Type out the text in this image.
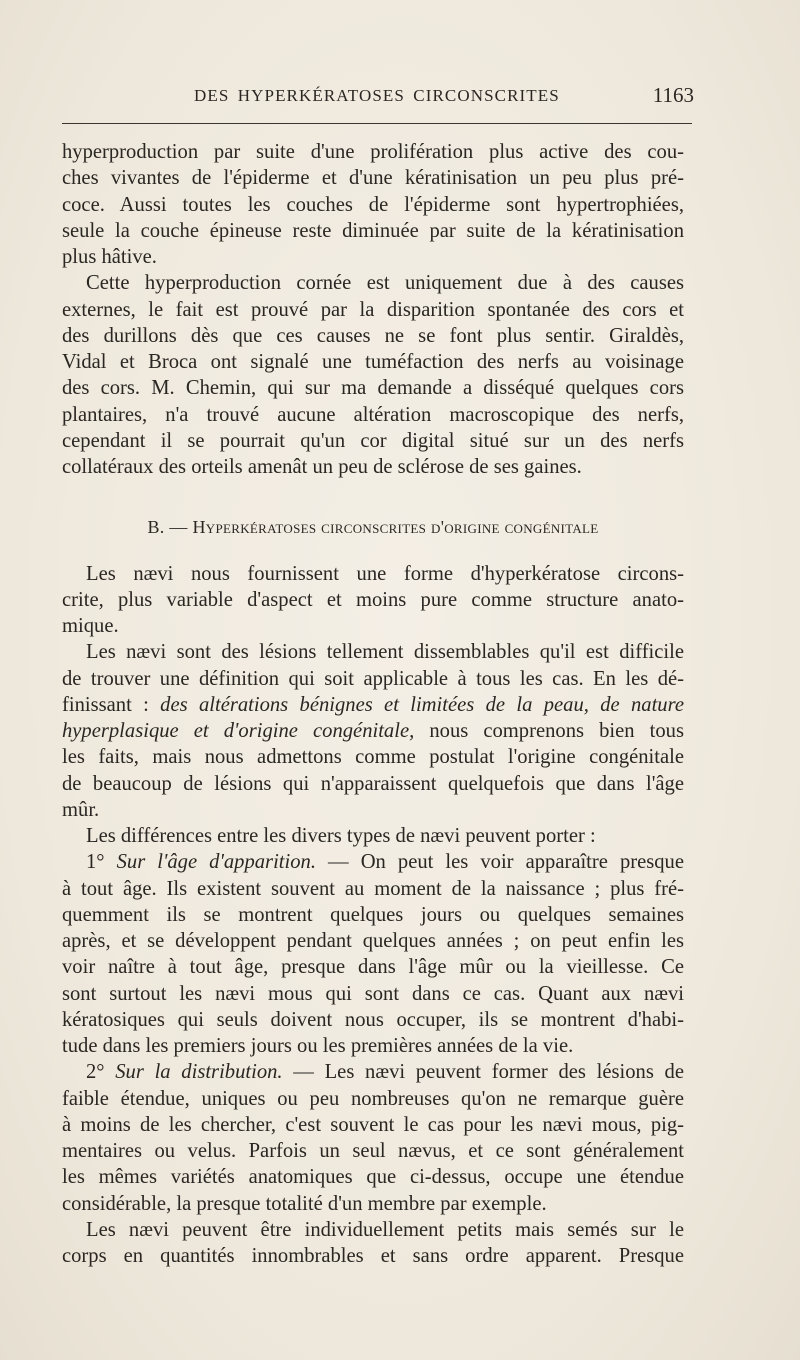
DES HYPERKÉRATOSES CIRCONSCRITES	1163
hyperproduction par suite d'une prolifération plus active des cou-
ches vivantes de l'épiderme et d'une kératinisation un peu plus pré-
coce. Aussi toutes les couches de l'épiderme sont hypertrophiées,
seule la couche épineuse reste diminuée par suite de la kératinisation
plus hâtive.
Cette hyperproduction cornée est uniquement due à des causes
externes, le fait est prouvé par la disparition spontanée des cors et
des durillons dès que ces causes ne se font plus sentir. Giraldès,
Vidal et Broca ont signalé une tuméfaction des nerfs au voisinage
des cors. M. Chemin, qui sur ma demande a disséqué quelques cors
plantaires, n'a trouvé aucune altération macroscopique des nerfs,
cependant il se pourrait qu'un cor digital situé sur un des nerfs
collatéraux des orteils amenât un peu de sclérose de ses gaines.

B. — Hyperkératoses circonscrites d'origine congénitale

Les nævi nous fournissent une forme d'hyperkératose circons-
crite, plus variable d'aspect et moins pure comme structure anato-
mique.
Les nævi sont des lésions tellement dissemblables qu'il est difficile
de trouver une définition qui soit applicable à tous les cas. En les dé-
finissant : des altérations bénignes et limitées de la peau, de nature
hyperplasique et d'origine congénitale, nous comprenons bien tous
les faits, mais nous admettons comme postulat l'origine congénitale
de beaucoup de lésions qui n'apparaissent quelquefois que dans l'âge
mûr.
Les différences entre les divers types de nævi peuvent porter :
1° Sur l'âge d'apparition. — On peut les voir apparaître presque
à tout âge. Ils existent souvent au moment de la naissance ; plus fré-
quemment ils se montrent quelques jours ou quelques semaines
après, et se développent pendant quelques années ; on peut enfin les
voir naître à tout âge, presque dans l'âge mûr ou la vieillesse. Ce
sont surtout les nævi mous qui sont dans ce cas. Quant aux nævi
kératosiques qui seuls doivent nous occuper, ils se montrent d'habi-
tude dans les premiers jours ou les premières années de la vie.
2° Sur la distribution. — Les nævi peuvent former des lésions de
faible étendue, uniques ou peu nombreuses qu'on ne remarque guère
à moins de les chercher, c'est souvent le cas pour les nævi mous, pig-
mentaires ou velus. Parfois un seul nævus, et ce sont généralement
les mêmes variétés anatomiques que ci-dessus, occupe une étendue
considérable, la presque totalité d'un membre par exemple.
Les nævi peuvent être individuellement petits mais semés sur le
corps en quantités innombrables et sans ordre apparent. Presque
